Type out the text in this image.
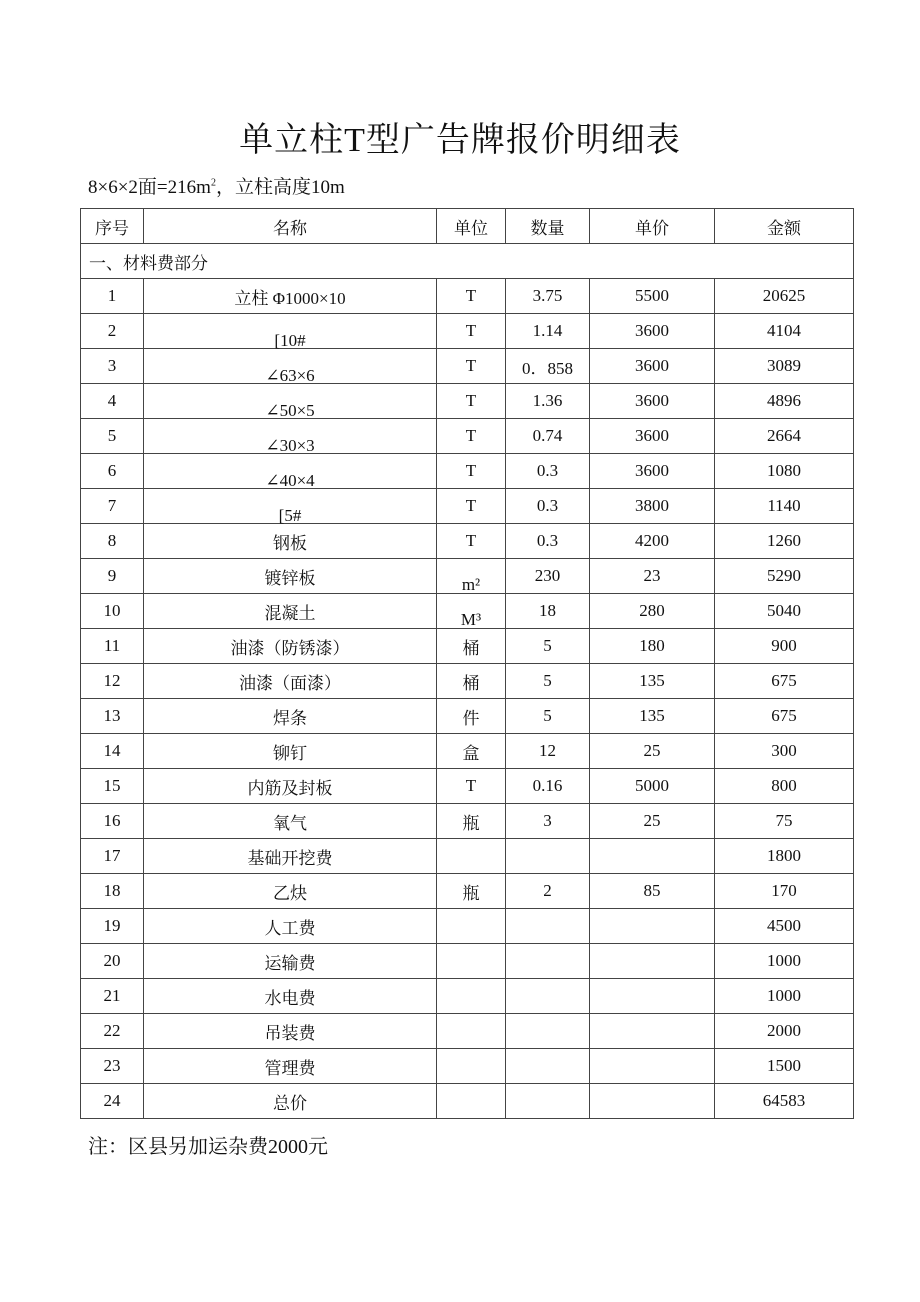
单立柱T型广告牌报价明细表
8×6×2面$=216m^2$，立柱高度10m
序号	名称	单位	数量	单价	金额
一、材料费部分					
1	立柱 Φ1000×10	T	3.75	5500	20625
2	[10#	T	1.14	3600	4104
3	∠63×6	T	0．858	3600	3089
4	∠50×5	T	1.36	3600	4896
5	∠30×3	T	0.74	3600	2664
6	∠40×4	T	0.3	3600	1080
7	[5#	T	0.3	3800	1140
8	钢板	T	0.3	4200	1260
9	镀锌板	m²	230	23	5290
10	混凝土	M³	18	280	5040
11	油漆（防锈漆）	桶	5	180	900
12	油漆（面漆）	桶	5	135	675
13	焊条	件	5	135	675
14	铆钉	盒	12	25	300
15	内筋及封板	T	0.16	5000	800
16	氧气	瓶	3	25	75
17	基础开挖费				1800
18	乙炔	瓶	2	85	170
19	人工费				4500
20	运输费				1000
21	水电费				1000
22	吊装费				2000
23	管理费				1500
24	总价				64583
注：区县另加运杂费2000元
